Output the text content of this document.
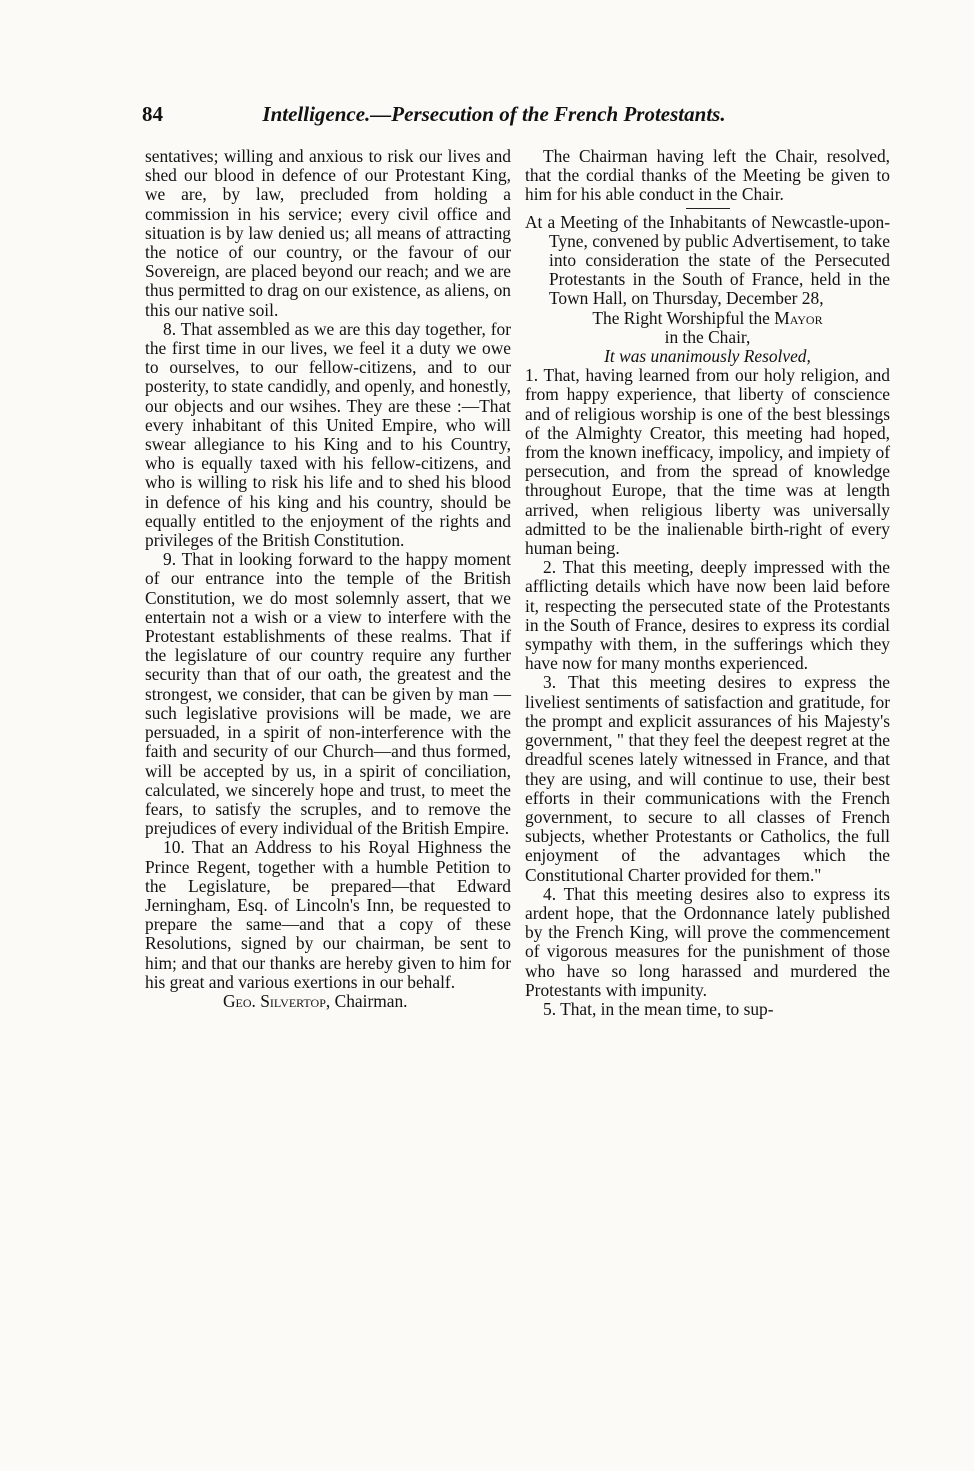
84	Intelligence.—Persecution of the French Protestants.

sentatives; willing and anxious to risk our lives and shed our blood in defence of our Protestant King, we are, by law, precluded from holding a commission in his service; every civil office and situation is by law denied us; all means of attracting the notice of our country, or the favour of our Sovereign, are placed beyond our reach; and we are thus permitted to drag on our existence, as aliens, on this our native soil.

8. That assembled as we are this day together, for the first time in our lives, we feel it a duty we owe to ourselves, to our fellow-citizens, and to our posterity, to state candidly, and openly, and honestly, our objects and our wsihes. They are these :—That every inhabitant of this United Empire, who will swear allegiance to his King and to his Country, who is equally taxed with his fellow-citizens, and who is willing to risk his life and to shed his blood in defence of his king and his country, should be equally entitled to the enjoyment of the rights and privileges of the British Constitution.

9. That in looking forward to the happy moment of our entrance into the temple of the British Constitution, we do most solemnly assert, that we entertain not a wish or a view to interfere with the Protestant establishments of these realms. That if the legislature of our country require any further security than that of our oath, the greatest and the strongest, we consider, that can be given by man —such legislative provisions will be made, we are persuaded, in a spirit of non-interference with the faith and security of our Church—and thus formed, will be accepted by us, in a spirit of conciliation, calculated, we sincerely hope and trust, to meet the fears, to satisfy the scruples, and to remove the prejudices of every individual of the British Empire.

10. That an Address to his Royal Highness the Prince Regent, together with a humble Petition to the Legislature, be prepared—that Edward Jerningham, Esq. of Lincoln's Inn, be requested to prepare the same—and that a copy of these Resolutions, signed by our chairman, be sent to him; and that our thanks are hereby given to him for his great and various exertions in our behalf.

Geo. Silvertop, Chairman.

The Chairman having left the Chair, resolved, that the cordial thanks of the Meeting be given to him for his able conduct in the Chair.

At a Meeting of the Inhabitants of Newcastle-upon-Tyne, convened by public Advertisement, to take into consideration the state of the Persecuted Protestants in the South of France, held in the Town Hall, on Thursday, December 28,

The Right Worshipful the Mayor
in the Chair,

It was unanimously Resolved,

1. That, having learned from our holy religion, and from happy experience, that liberty of conscience and of religious worship is one of the best blessings of the Almighty Creator, this meeting had hoped, from the known inefficacy, impolicy, and impiety of persecution, and from the spread of knowledge throughout Europe, that the time was at length arrived, when religious liberty was universally admitted to be the inalienable birth-right of every human being.

2. That this meeting, deeply impressed with the afflicting details which have now been laid before it, respecting the persecuted state of the Protestants in the South of France, desires to express its cordial sympathy with them, in the sufferings which they have now for many months experienced.

3. That this meeting desires to express the liveliest sentiments of satisfaction and gratitude, for the prompt and explicit assurances of his Majesty's government, " that they feel the deepest regret at the dreadful scenes lately witnessed in France, and that they are using, and will continue to use, their best efforts in their communications with the French government, to secure to all classes of French subjects, whether Protestants or Catholics, the full enjoyment of the advantages which the Constitutional Charter provided for them."

4. That this meeting desires also to express its ardent hope, that the Ordonnance lately published by the French King, will prove the commencement of vigorous measures for the punishment of those who have so long harassed and murdered the Protestants with impunity.

5. That, in the mean time, to sup-
